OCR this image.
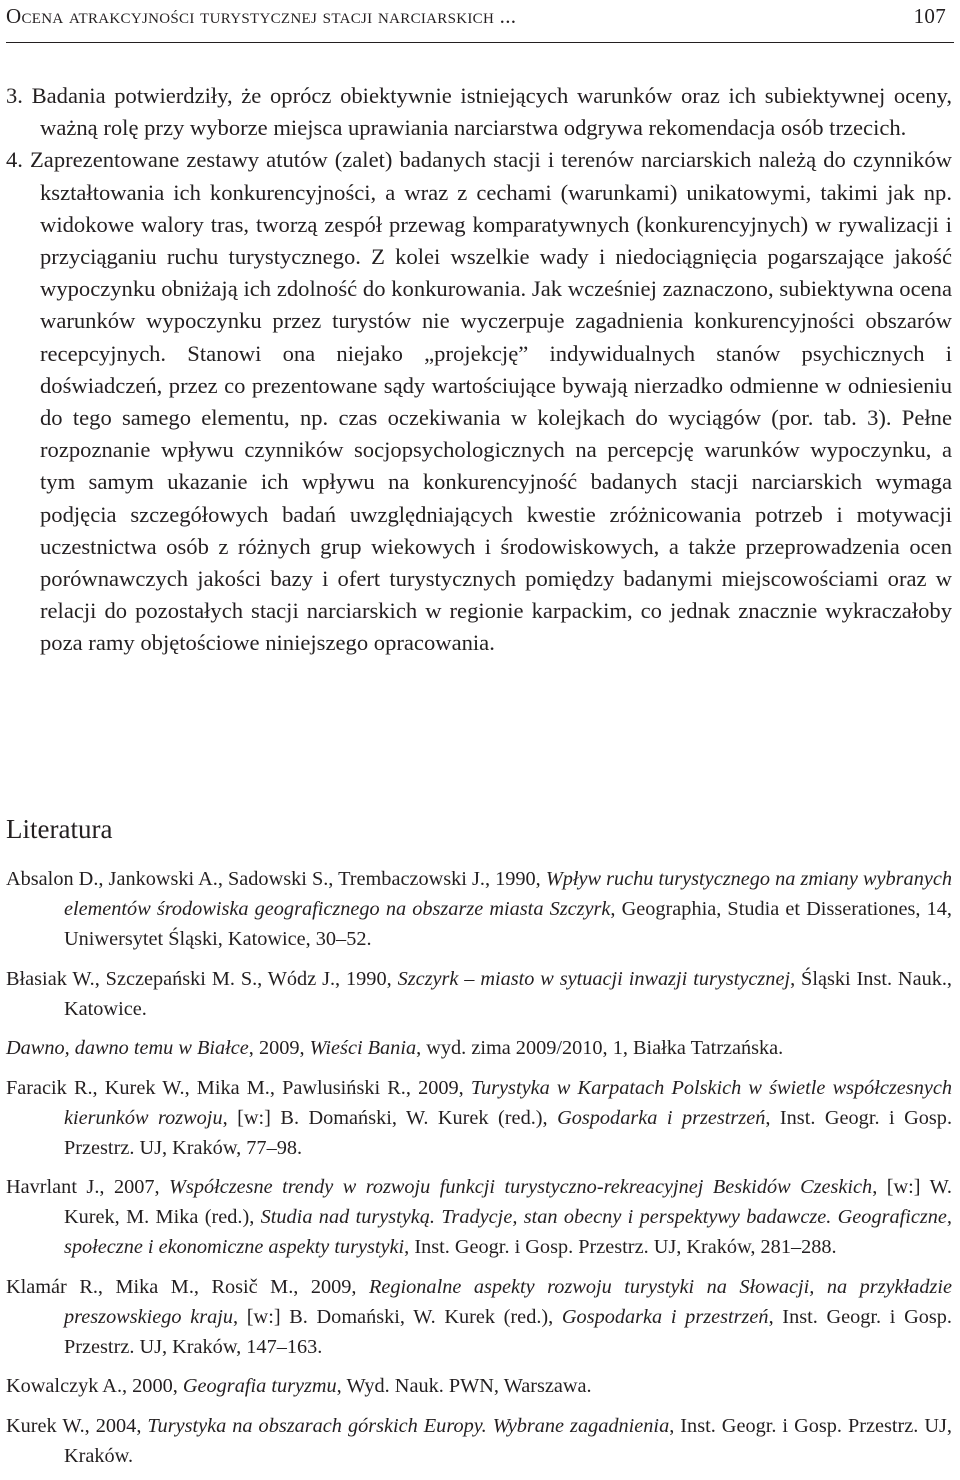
Ocena atrakcyjności turystycznej stacji narciarskich ...	107

3. Badania potwierdziły, że oprócz obiektywnie istniejących warunków oraz ich subiektywnej oceny, ważną rolę przy wyborze miejsca uprawiania narciarstwa odgrywa rekomendacja osób trzecich.

4. Zaprezentowane zestawy atutów (zalet) badanych stacji i terenów narciarskich należą do czynników kształtowania ich konkurencyjności, a wraz z cechami (warunkami) unikatowymi, takimi jak np. widokowe walory tras, tworzą zespół przewag komparatywnych (konkurencyjnych) w rywalizacji i przyciąganiu ruchu turystycznego. Z kolei wszelkie wady i niedociągnięcia pogarszające jakość wypoczynku obniżają ich zdolność do konkurowania. Jak wcześniej zaznaczono, subiektywna ocena warunków wypoczynku przez turystów nie wyczerpuje zagadnienia konkurencyjności obszarów recepcyjnych. Stanowi ona niejako „projekcję” indywidualnych stanów psychicznych i doświadczeń, przez co prezentowane sądy wartościujące bywają nierzadko odmienne w odniesieniu do tego samego elementu, np. czas oczekiwania w kolejkach do wyciągów (por. tab. 3). Pełne rozpoznanie wpływu czynników socjopsychologicznych na percepcję warunków wypoczynku, a tym samym ukazanie ich wpływu na konkurencyjność badanych stacji narciarskich wymaga podjęcia szczegółowych badań uwzględniających kwestie zróżnicowania potrzeb i motywacji uczestnictwa osób z różnych grup wiekowych i środowiskowych, a także przeprowadzenia ocen porównawczych jakości bazy i ofert turystycznych pomiędzy badanymi miejscowościami oraz w relacji do pozostałych stacji narciarskich w regionie karpackim, co jednak znacznie wykraczałoby poza ramy objętościowe niniejszego opracowania.

Literatura

Absalon D., Jankowski A., Sadowski S., Trembaczowski J., 1990, Wpływ ruchu turystycznego na zmiany wybranych elementów środowiska geograficznego na obszarze miasta Szczyrk, Geographia, Studia et Disserationes, 14, Uniwersytet Śląski, Katowice, 30–52.

Błasiak W., Szczepański M. S., Wódz J., 1990, Szczyrk – miasto w sytuacji inwazji turystycznej, Śląski Inst. Nauk., Katowice.

Dawno, dawno temu w Białce, 2009, Wieści Bania, wyd. zima 2009/2010, 1, Białka Tatrzańska.

Faracik R., Kurek W., Mika M., Pawlusiński R., 2009, Turystyka w Karpatach Polskich w świetle współczesnych kierunków rozwoju, [w:] B. Domański, W. Kurek (red.), Gospodarka i przestrzeń, Inst. Geogr. i Gosp. Przestrz. UJ, Kraków, 77–98.

Havrlant J., 2007, Współczesne trendy w rozwoju funkcji turystyczno-rekreacyjnej Beskidów Czeskich, [w:] W. Kurek, M. Mika (red.), Studia nad turystyką. Tradycje, stan obecny i perspektywy badawcze. Geograficzne, społeczne i ekonomiczne aspekty turystyki, Inst. Geogr. i Gosp. Przestrz. UJ, Kraków, 281–288.

Klamár R., Mika M., Rosič M., 2009, Regionalne aspekty rozwoju turystyki na Słowacji, na przykładzie preszowskiego kraju, [w:] B. Domański, W. Kurek (red.), Gospodarka i przestrzeń, Inst. Geogr. i Gosp. Przestrz. UJ, Kraków, 147–163.

Kowalczyk A., 2000, Geografia turyzmu, Wyd. Nauk. PWN, Warszawa.

Kurek W., 2004, Turystyka na obszarach górskich Europy. Wybrane zagadnienia, Inst. Geogr. i Gosp. Przestrz. UJ, Kraków.
